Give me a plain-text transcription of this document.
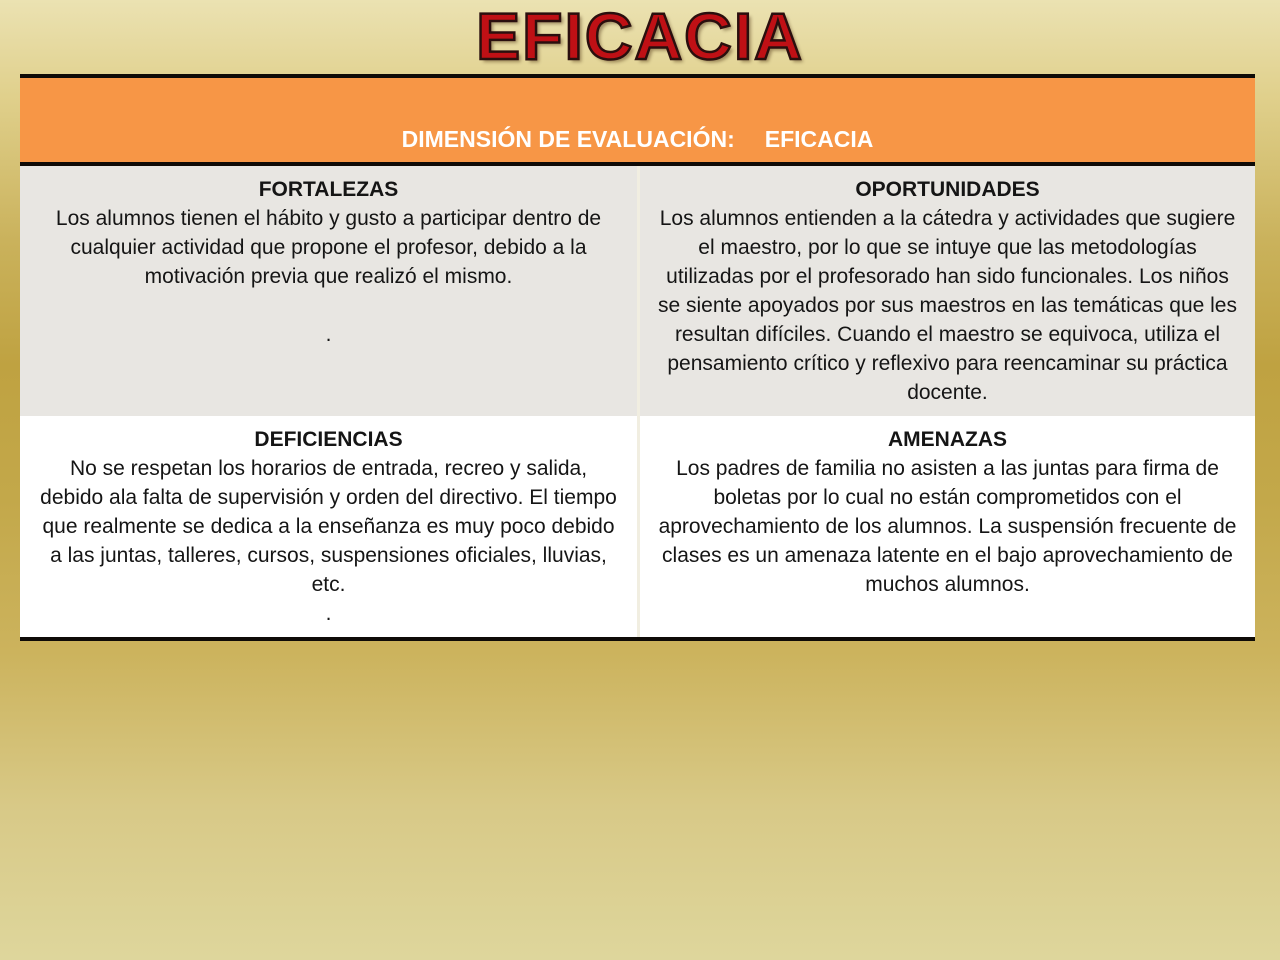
EFICACIA
DIMENSIÓN DE EVALUACIÓN: EFICACIA
FORTALEZAS

Los alumnos tienen el hábito y gusto a participar dentro de cualquier actividad que propone el profesor, debido a la motivación previa que realizó el mismo.

.

OPORTUNIDADES

Los alumnos entienden a la cátedra y actividades que sugiere el maestro, por lo que se intuye que las metodologías utilizadas por el profesorado han sido funcionales. Los niños se siente apoyados por sus maestros en las temáticas que les resultan difíciles. Cuando el maestro se equivoca, utiliza el pensamiento crítico y reflexivo para reencaminar su práctica docente.

DEFICIENCIAS

No se respetan los horarios de entrada, recreo y salida, debido ala falta de supervisión y orden del directivo. El tiempo que realmente se dedica a la enseñanza es muy poco debido a las juntas, talleres, cursos, suspensiones oficiales, lluvias, etc.

.

AMENAZAS

Los padres de familia no asisten a las juntas para firma de boletas por lo cual no están comprometidos con el aprovechamiento de los alumnos. La suspensión frecuente de clases es un amenaza latente en el bajo aprovechamiento de muchos alumnos.
